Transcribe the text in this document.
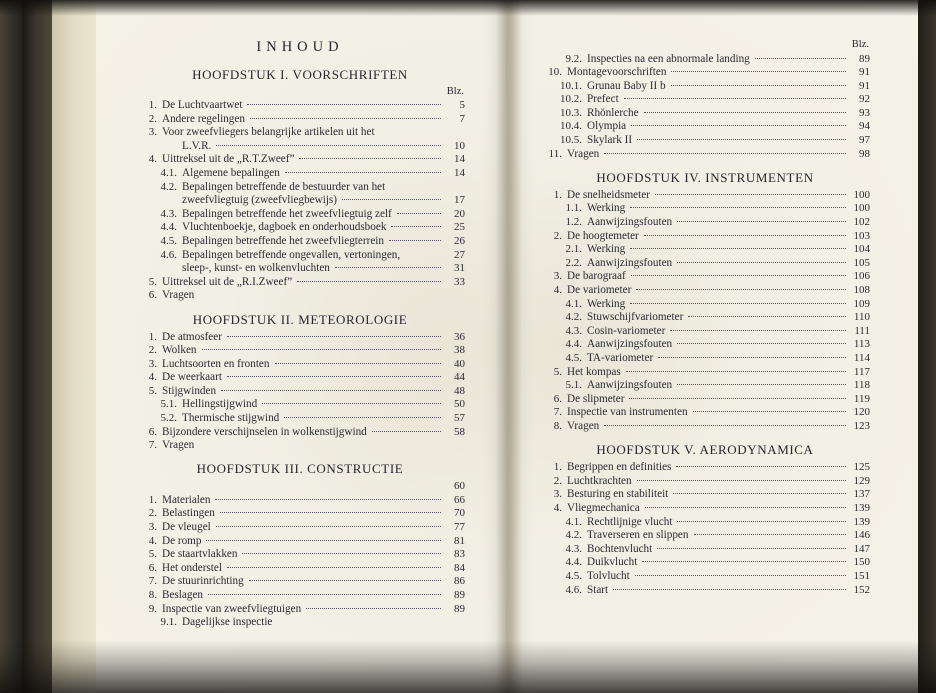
INHOUD
HOOFDSTUK I. VOORSCHRIFTEN
Blz.
1. De Luchtvaartwet	5
2. Andere regelingen	7
3. Voor zweefvliegers belangrijke artikelen uit het
L.V.R.	10
4. Uittreksel uit de „R.T.Zweef”	14
4.1. Algemene bepalingen	14
4.2. Bepalingen betreffende de bestuurder van het
zweefvliegtuig (zweefvliegbewijs)	17
4.3. Bepalingen betreffende het zweefvliegtuig zelf	20
4.4. Vluchtenboekje, dagboek en onderhoudsboek	25
4.5. Bepalingen betreffende het zweefvliegterrein	26
4.6. Bepalingen betreffende ongevallen, vertoningen,	27
sleep-, kunst- en wolkenvluchten	31
5. Uittreksel uit de „R.I.Zweef”	33
6. Vragen
HOOFDSTUK II. METEOROLOGIE
1. De atmosfeer	36
2. Wolken	38
3. Luchtsoorten en fronten	40
4. De weerkaart	44
5. Stijgwinden	48
5.1. Hellingstijgwind	50
5.2. Thermische stijgwind	57
6. Bijzondere verschijnselen in wolkenstijgwind	58
7. Vragen
HOOFDSTUK III. CONSTRUCTIE
60
1. Materialen	66
2. Belastingen	70
3. De vleugel	77
4. De romp	81
5. De staartvlakken	83
6. Het onderstel	84
7. De stuurinrichting	86
8. Beslagen	89
9. Inspectie van zweefvliegtuigen	89
9.1. Dagelijkse inspectie
Blz.
9.2. Inspecties na een abnormale landing	89
10. Montagevoorschriften	91
10.1. Grunau Baby II b	91
10.2. Prefect	92
10.3. Rhönlerche	93
10.4. Olympia	94
10.5. Skylark II	97
11. Vragen	98
HOOFDSTUK IV. INSTRUMENTEN
1. De snelheidsmeter	100
1.1. Werking	100
1.2. Aanwijzingsfouten	102
2. De hoogtemeter	103
2.1. Werking	104
2.2. Aanwijzingsfouten	105
3. De barograaf	106
4. De variometer	108
4.1. Werking	109
4.2. Stuwschijfvariometer	110
4.3. Cosin-variometer	111
4.4. Aanwijzingsfouten	113
4.5. TA-variometer	114
5. Het kompas	117
5.1. Aanwijzingsfouten	118
6. De slipmeter	119
7. Inspectie van instrumenten	120
8. Vragen	123
HOOFDSTUK V. AERODYNAMICA
1. Begrippen en definities	125
2. Luchtkrachten	129
3. Besturing en stabiliteit	137
4. Vliegmechanica	139
4.1. Rechtlijnige vlucht	139
4.2. Traverseren en slippen	146
4.3. Bochtenvlucht	147
4.4. Duikvlucht	150
4.5. Tolvlucht	151
4.6. Start	152
